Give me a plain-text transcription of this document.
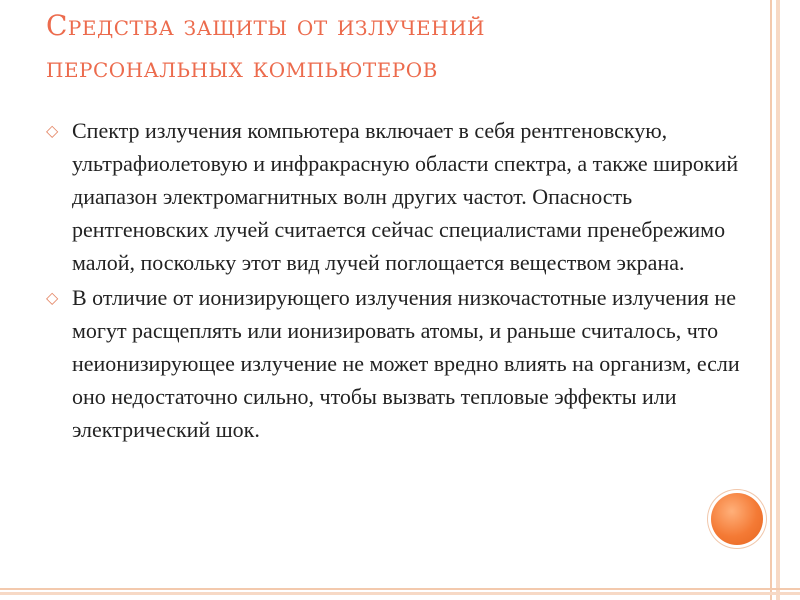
Средства защиты от излучений
персональных компьютеров
◇ Спектр излучения компьютера включает в себя рентгеновскую, ультрафиолетовую и инфракрасную области спектра, а также широкий диапазон электромагнитных волн других частот. Опасность рентгеновских лучей считается сейчас специалистами пренебрежимо малой, поскольку этот вид лучей поглощается веществом экрана.
◇ В отличие от ионизирующего излучения низкочастотные излучения не могут расщеплять или ионизировать атомы, и раньше считалось, что неионизирующее излучение не может вредно влиять на организм, если оно недостаточно сильно, чтобы вызвать тепловые эффекты или электрический шок.
